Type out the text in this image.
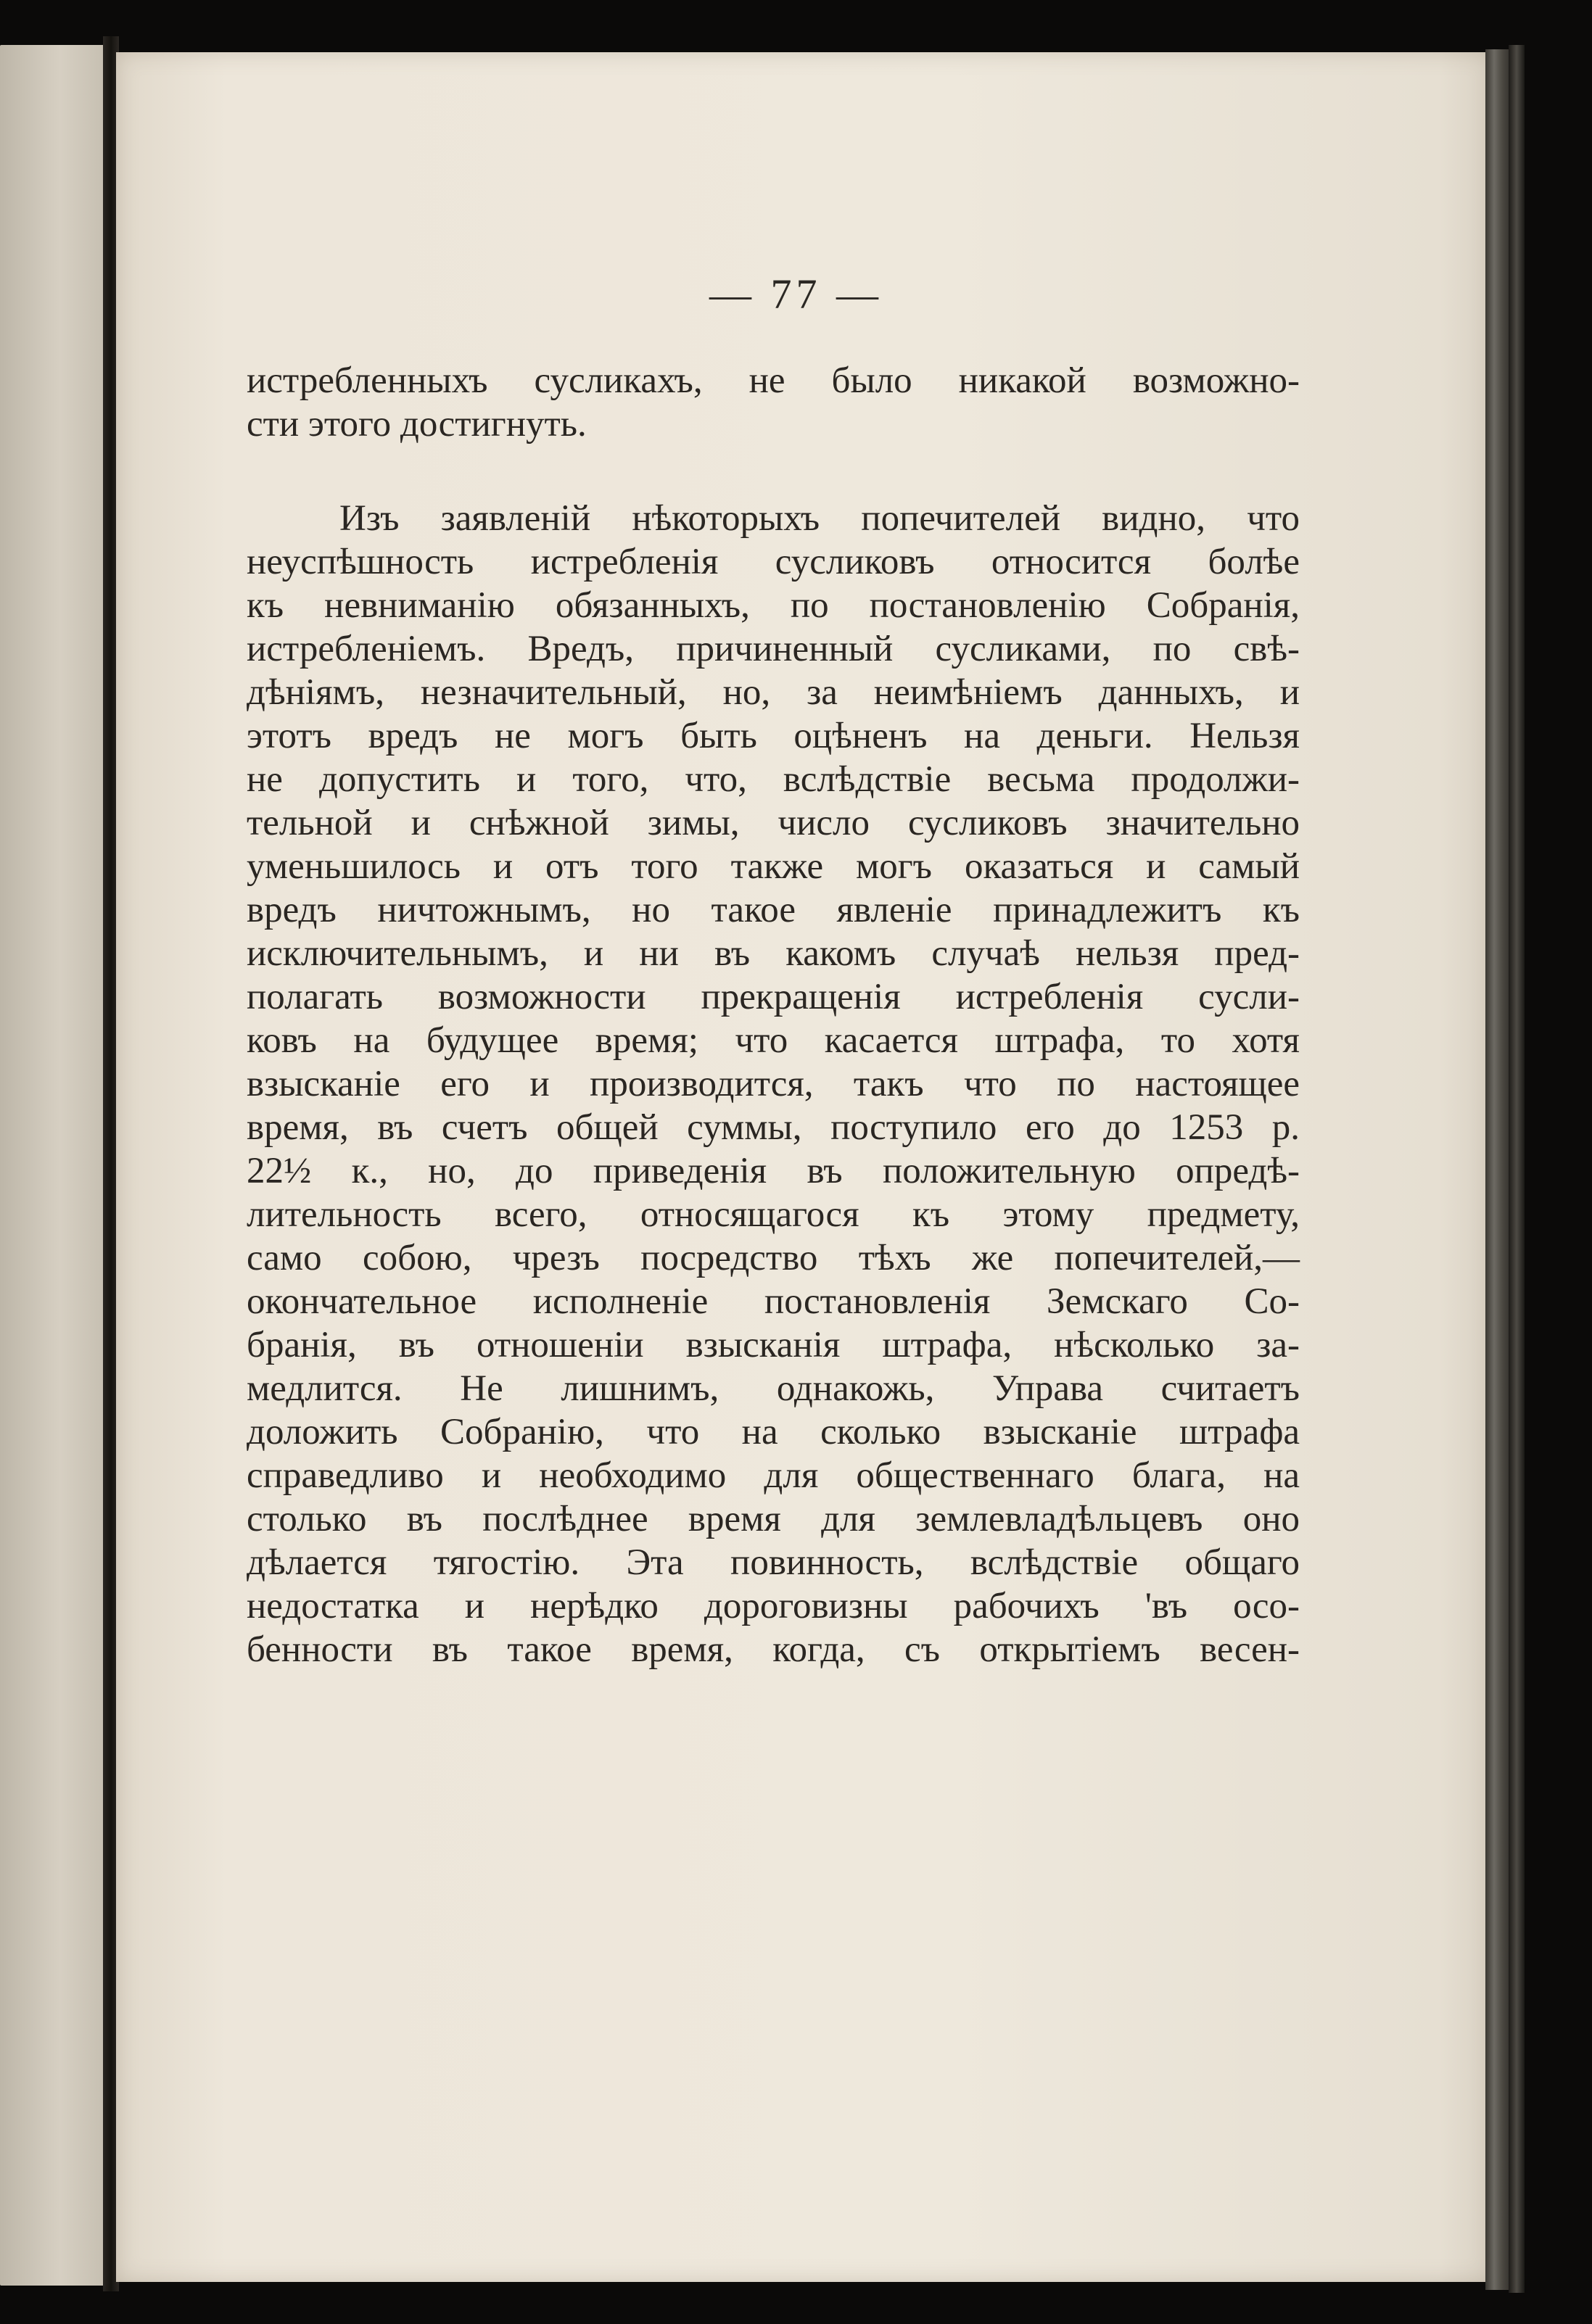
— 77 —
истребленныхъ сусликахъ, не было никакой возможно-
сти этого достигнуть.
Изъ заявленій нѣкоторыхъ попечителей видно, что
неуспѣшность истребленія сусликовъ относится болѣе
къ невниманію обязанныхъ, по постановленію Собранія,
истребленіемъ. Вредъ, причиненный сусликами, по свѣ-
дѣніямъ, незначительный, но, за неимѣніемъ данныхъ, и
этотъ вредъ не могъ быть оцѣненъ на деньги. Нельзя
не допустить и того, что, вслѣдствіе весьма продолжи-
тельной и снѣжной зимы, число сусликовъ значительно
уменьшилось и отъ того также могъ оказаться и самый
вредъ ничтожнымъ, но такое явленіе принадлежитъ къ
исключительнымъ, и ни въ какомъ случаѣ нельзя пред-
полагать возможности прекращенія истребленія сусли-
ковъ на будущее время; что касается штрафа, то хотя
взысканіе его и производится, такъ что по настоящее
время, въ счетъ общей суммы, поступило его до 1253 р.
22½ к., но, до приведенія въ положительную опредѣ-
лительность всего, относящагося къ этому предмету,
само собою, чрезъ посредство тѣхъ же попечителей,—
окончательное исполненіе постановленія Земскаго Со-
бранія, въ отношеніи взысканія штрафа, нѣсколько за-
медлится. Не лишнимъ, однакожь, Управа считаетъ
доложить Собранію, что на сколько взысканіе штрафа
справедливо и необходимо для общественнаго блага, на
столько въ послѣднее время для землевладѣльцевъ оно
дѣлается тягостію. Эта повинность, вслѣдствіе общаго
недостатка и нерѣдко дороговизны рабочихъ 'въ осо-
бенности въ такое время, когда, съ открытіемъ весен-
